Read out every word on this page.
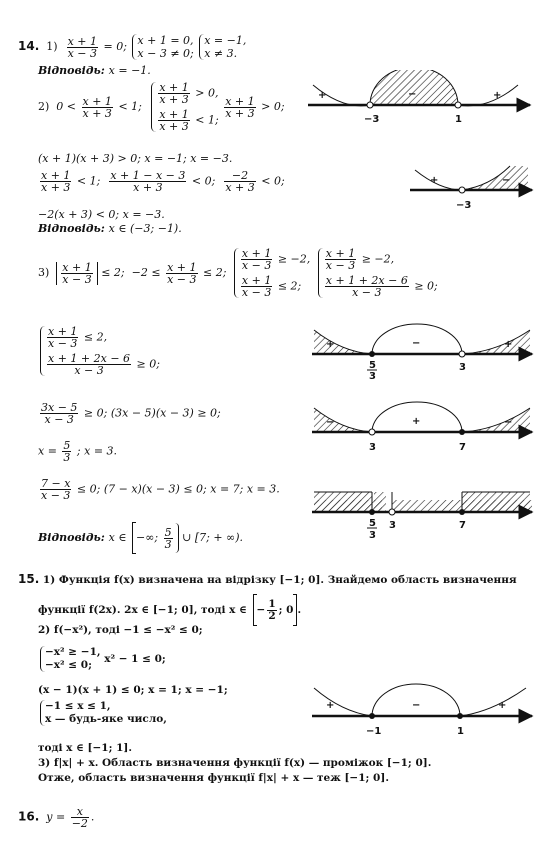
14. $1) \frac{x + 1}{x - 3} = 0$; x + 1 = 0,
x − 3 ≠ 0;

x = −1,
x ≠ 3.
Відповідь: x = −1.
2) $0 < \frac{x + 1}{x + 3} < 1$;
$\frac{x + 1}{x + 3} > 0$,
$\frac{x + 1}{x + 3} < 1$;

$\frac{x + 1}{x + 3} > 0$;
(x + 1)(x + 3) > 0; x = −1; x = −3.
$\frac{x + 1}{x + 3} < 1$; $\frac{x + 1 - x - 3}{x + 3} < 0$; $\frac{-2}{x + 3} < 0$;
−2(x + 3) < 0; x = −3.
Відповідь: x ∈ (−3; −1).
$3) \frac{x + 1}{x - 3} \le 2$; $-2 \le \frac{x + 1}{x - 3} \le 2$;
$\frac{x + 1}{x - 3} \ge -2$,
$\frac{x + 1}{x - 3} \le 2$;

$\frac{x + 1}{x - 3} \ge -2$,
$\frac{x + 1 + 2x - 6}{x - 3} \ge 0$;
$\frac{x + 1}{x - 3} \le 2$,
$\frac{x + 1 + 2x - 6}{x - 3} \ge 0$;
$\frac{3x - 5}{x - 3} \ge 0$; (3x − 5)(x − 3) ≥ 0;
$x = \frac{5}{3}$ ; x = 3.
$\frac{7 - x}{x - 3} \le 0$; (7 − x)(x − 3) ≤ 0; x = 7; x = 3.
Відповідь: x ∈ −∞; $\frac{5}{3}$ ∪ [7; + ∞).
15. 1) Функція f(x) визначена на відрізку [−1; 0]. Знайдемо область визначення
функції f(2x). 2x ∈ [−1; 0], тоді x ∈ − $\frac{1}{2}$ ; 0 .
2) f(−x²), тоді −1 ≤ −x² ≤ 0;
−x² ≥ −1,
−x² ≤ 0;	x² − 1 ≤ 0;
(x − 1)(x + 1) ≤ 0; x = 1; x = −1;
−1 ≤ x ≤ 1,
x — будь-яке число,
тоді x ∈ [−1; 1].
3) f|x| + x. Область визначення функції f(x) — проміжок [−1; 0].
Отже, область визначення функції f|x| + x — теж [−1; 0].
16. $y = \frac{x}{-2}$ .
+	−	+
−3	1
+	−
−3
+	−	+
5
3
3
−	+	−
3	7
5
3
3	7
+	−	+
−1	1
